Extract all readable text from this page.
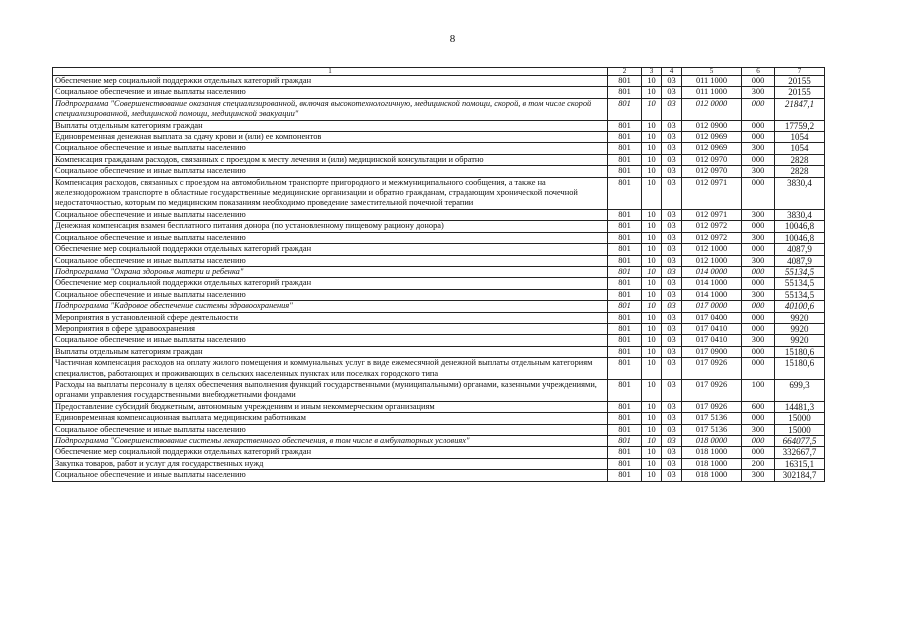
8
1	2	3	4	5	6	7
Обеспечение мер социальной поддержки отдельных категорий граждан	801	10	03	011 1000	000	20155
Социальное обеспечение и иные выплаты населению	801	10	03	011 1000	300	20155
Подпрограмма "Совершенствование оказания специализированной, включая высокотехнологичную, медицинской помощи, скорой, в том числе скорой специализированной, медицинской помощи, медицинской эвакуации"	801	10	03	012 0000	000	21847,1
Выплаты отдельным категориям граждан	801	10	03	012 0900	000	17759,2
Единовременная денежная выплата за сдачу крови и (или) ее компонентов	801	10	03	012 0969	000	1054
Социальное обеспечение и иные выплаты населению	801	10	03	012 0969	300	1054
Компенсация гражданам расходов, связанных с проездом к месту лечения и (или) медицинской консультации и обратно	801	10	03	012 0970	000	2828
Социальное обеспечение и иные выплаты населению	801	10	03	012 0970	300	2828
Компенсация расходов, связанных с проездом на автомобильном транспорте пригородного и межмуниципального сообщения, а также на железнодорожном транспорте в областные государственные медицинские организации и обратно гражданам, страдающим хронической почечной недостаточностью, которым по медицинским показаниям необходимо проведение заместительной почечной терапии	801	10	03	012 0971	000	3830,4
Социальное обеспечение и иные выплаты населению	801	10	03	012 0971	300	3830,4
Денежная компенсация взамен бесплатного питания донора (по установленному пищевому рациону донора)	801	10	03	012 0972	000	10046,8
Социальное обеспечение и иные выплаты населению	801	10	03	012 0972	300	10046,8
Обеспечение мер социальной поддержки отдельных категорий граждан	801	10	03	012 1000	000	4087,9
Социальное обеспечение и иные выплаты населению	801	10	03	012 1000	300	4087,9
Подпрограмма "Охрана здоровья матери и ребенка"	801	10	03	014 0000	000	55134,5
Обеспечение мер социальной поддержки отдельных категорий граждан	801	10	03	014 1000	000	55134,5
Социальное обеспечение и иные выплаты населению	801	10	03	014 1000	300	55134,5
Подпрограмма "Кадровое обеспечение системы здравоохранения"	801	10	03	017 0000	000	40100,6
Мероприятия в установленной сфере деятельности	801	10	03	017 0400	000	9920
Мероприятия в сфере здравоохранения	801	10	03	017 0410	000	9920
Социальное обеспечение и иные выплаты населению	801	10	03	017 0410	300	9920
Выплаты отдельным категориям граждан	801	10	03	017 0900	000	15180,6
Частичная компенсация расходов на оплату жилого помещения и коммунальных услуг в виде ежемесячной денежной выплаты отдельным категориям специалистов, работающих и проживающих в сельских населенных пунктах или поселках городского типа	801	10	03	017 0926	000	15180,6
Расходы на выплаты персоналу в целях обеспечения выполнения функций государственными (муниципальными) органами, казенными учреждениями, органами управления государственными внебюджетными фондами	801	10	03	017 0926	100	699,3
Предоставление субсидий бюджетным, автономным учреждениям и иным некоммерческим организациям	801	10	03	017 0926	600	14481,3
Единовременная компенсационная выплата медицинским работникам	801	10	03	017 5136	000	15000
Социальное обеспечение и иные выплаты населению	801	10	03	017 5136	300	15000
Подпрограмма "Совершенствование системы лекарственного обеспечения, в том числе в амбулаторных условиях"	801	10	03	018 0000	000	664077,5
Обеспечение мер социальной поддержки отдельных категорий граждан	801	10	03	018 1000	000	332667,7
Закупка товаров, работ и услуг для государственных нужд	801	10	03	018 1000	200	16315,1
Социальное обеспечение и иные выплаты населению	801	10	03	018 1000	300	302184,7
